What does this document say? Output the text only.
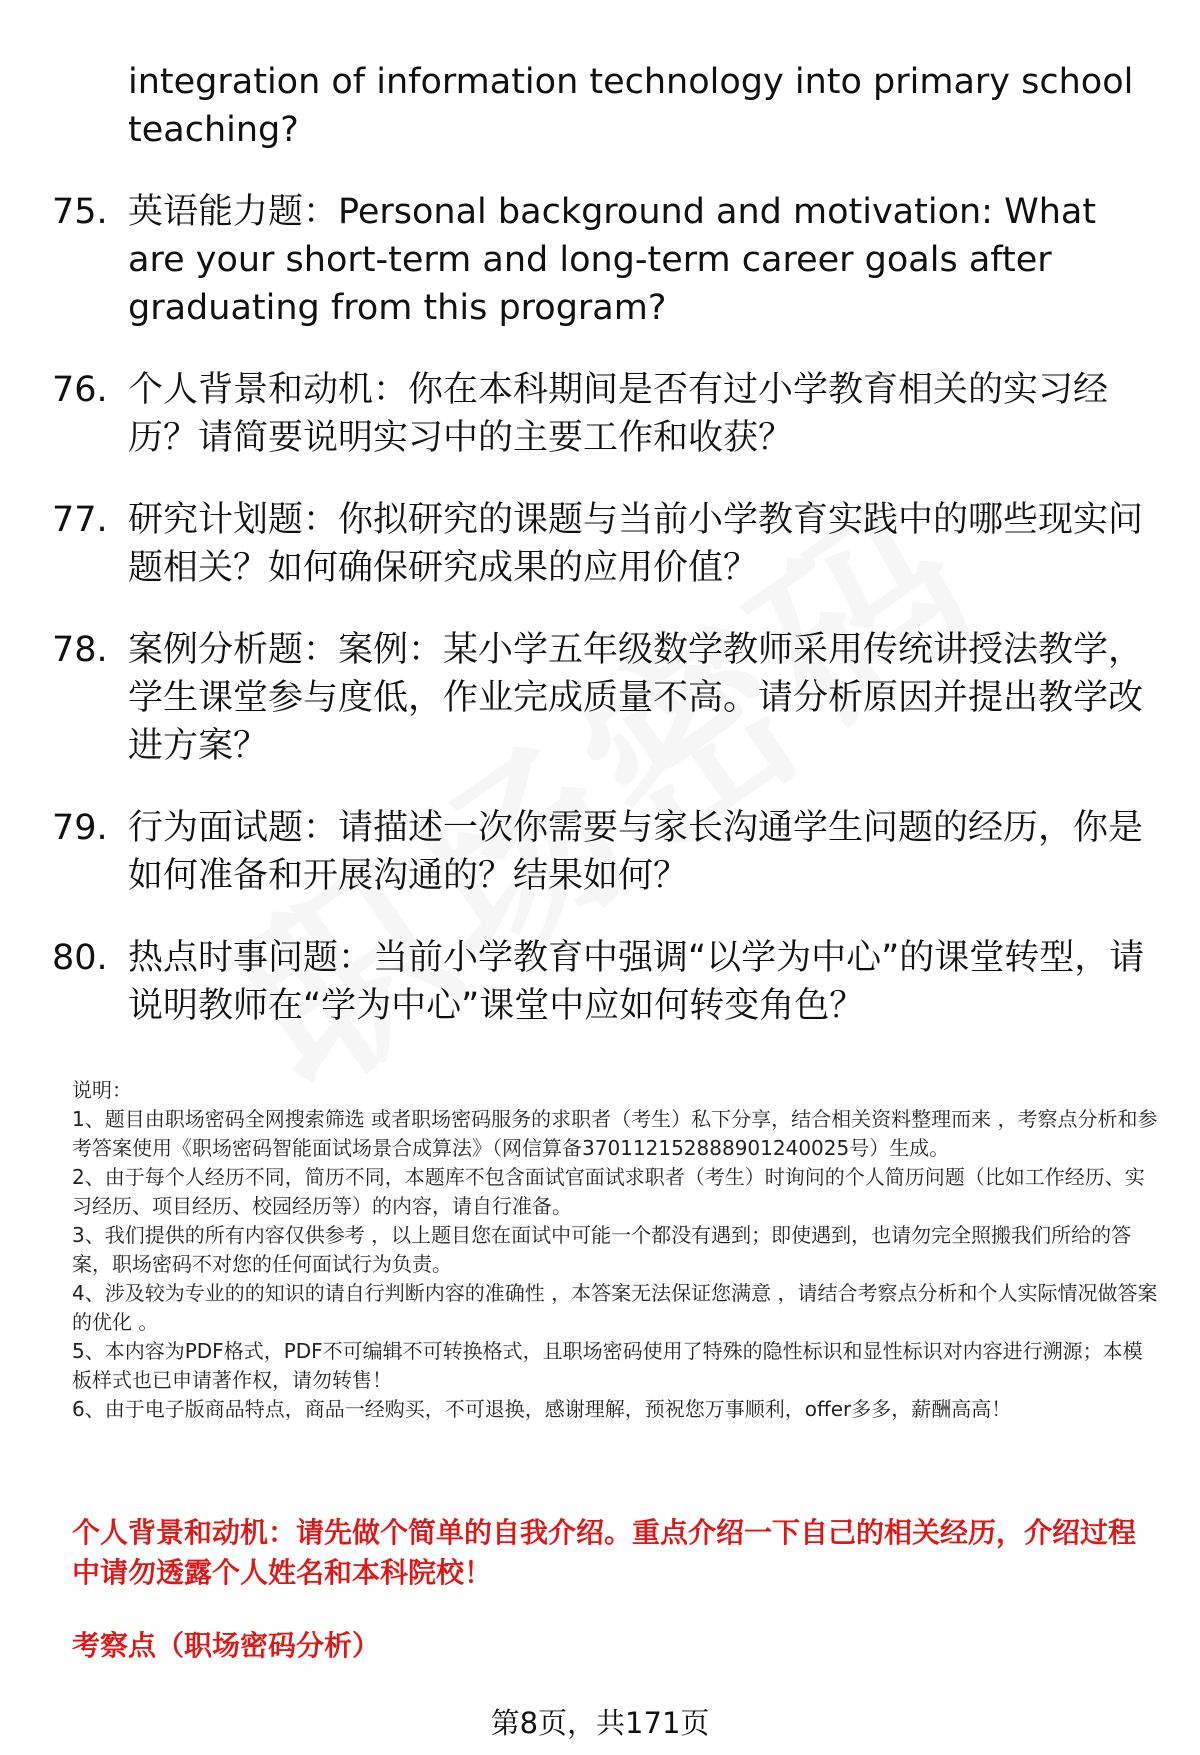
integration of information technology into primary school teaching?
75. 英语能力题：Personal background and motivation: What are your short-term and long-term career goals after graduating from this program?
76. 个人背景和动机：你在本科期间是否有过小学教育相关的实习经历？请简要说明实习中的主要工作和收获？
77. 研究计划题：你拟研究的课题与当前小学教育实践中的哪些现实问题相关？如何确保研究成果的应用价值？
78. 案例分析题：案例：某小学五年级数学教师采用传统讲授法教学，学生课堂参与度低，作业完成质量不高。请分析原因并提出教学改进方案？
79. 行为面试题：请描述一次你需要与家长沟通学生问题的经历，你是如何准备和开展沟通的？结果如何？
80. 热点时事问题：当前小学教育中强调“以学为中心”的课堂转型，请说明教师在“学为中心”课堂中应如何转变角色？

说明：

1、题目由职场密码全网搜索筛选 或者职场密码服务的求职者（考生）私下分享，结合相关资料整理而来 ，考察点分析和参考答案使用《职场密码智能面试场景合成算法》（网信算备370112152888901240025号）生成。

2、由于每个人经历不同，简历不同，本题库不包含面试官面试求职者（考生）时询问的个人简历问题（比如工作经历、实习经历、项目经历、校园经历等）的内容，请自行准备。

3、我们提供的所有内容仅供参考 ，以上题目您在面试中可能一个都没有遇到；即使遇到，也请勿完全照搬我们所给的答案，职场密码不对您的任何面试行为负责。

4、涉及较为专业的的知识的请自行判断内容的准确性 ，本答案无法保证您满意 ，请结合考察点分析和个人实际情况做答案的优化 。

5、本内容为PDF格式，PDF不可编辑不可转换格式，且职场密码使用了特殊的隐性标识和显性标识对内容进行溯源；本模板样式也已申请著作权，请勿转售！

6、由于电子版商品特点，商品一经购买，不可退换，感谢理解，预祝您万事顺利，offer多多，薪酬高高！

个人背景和动机：请先做个简单的自我介绍。重点介绍一下自己的相关经历，介绍过程中请勿透露个人姓名和本科院校！
考察点（职场密码分析）
第8页，共171页
